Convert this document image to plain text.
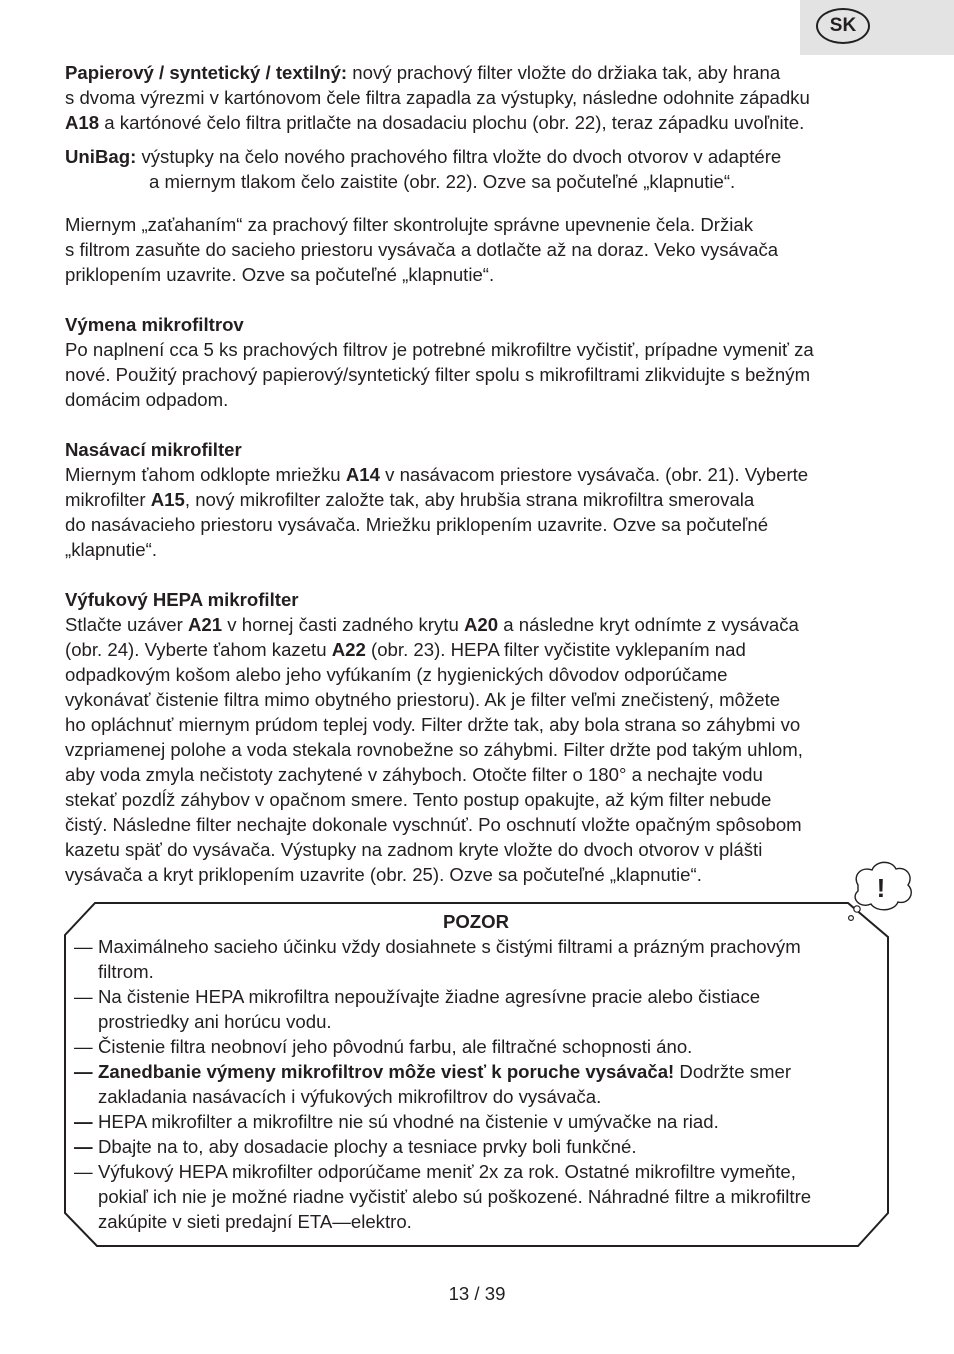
SK
Papierový / syntetický / textilný: nový prachový filter vložte do držiaka tak, aby hrana
s dvoma výrezmi v kartónovom čele filtra zapadla za výstupky, následne odohnite západku
A18 a kartónové čelo filtra pritlačte na dosadaciu plochu (obr. 22), teraz západku uvoľnite.
UniBag: výstupky na čelo nového prachového filtra vložte do dvoch otvorov v adaptére
a miernym tlakom čelo zaistite (obr. 22). Ozve sa počuteľné „klapnutie“.
Miernym „zaťahaním“ za prachový filter skontrolujte správne upevnenie čela. Držiak
s filtrom zasuňte do sacieho priestoru vysávača a dotlačte až na doraz. Veko vysávača
priklopením uzavrite. Ozve sa počuteľné „klapnutie“.
Výmena mikrofiltrov
Po naplnení cca 5 ks prachových filtrov je potrebné mikrofiltre vyčistiť, prípadne vymeniť za
nové. Použitý prachový papierový/syntetický filter spolu s mikrofiltrami zlikvidujte s bežným
domácim odpadom.
Nasávací mikrofilter
Miernym ťahom odklopte mriežku A14 v nasávacom priestore vysávača. (obr. 21). Vyberte
mikrofilter A15, nový mikrofilter založte tak, aby hrubšia strana mikrofiltra smerovala
do nasávacieho priestoru vysávača. Mriežku priklopením uzavrite. Ozve sa počuteľné
„klapnutie“.
Výfukový HEPA mikrofilter
Stlačte uzáver A21 v hornej časti zadného krytu A20 a následne kryt odnímte z vysávača
(obr. 24). Vyberte ťahom kazetu A22 (obr. 23). HEPA filter vyčistite vyklepaním nad
odpadkovým košom alebo jeho vyfúkaním (z hygienických dôvodov odporúčame
vykonávať čistenie filtra mimo obytného priestoru). Ak je filter veľmi znečistený, môžete
ho opláchnuť miernym prúdom teplej vody. Filter držte tak, aby bola strana so záhybmi vo
vzpriamenej polohe a voda stekala rovnobežne so záhybmi. Filter držte pod takým uhlom,
aby voda zmyla nečistoty zachytené v záhyboch. Otočte filter o 180° a nechajte vodu
stekať pozdĺž záhybov v opačnom smere. Tento postup opakujte, až kým filter nebude
čistý. Následne filter nechajte dokonale vyschnúť. Po oschnutí vložte opačným spôsobom
kazetu späť do vysávača. Výstupky na zadnom kryte vložte do dvoch otvorov v plášti
vysávača a kryt priklopením uzavrite (obr. 25). Ozve sa počuteľné „klapnutie“.	!
POZOR
— Maximálneho sacieho účinku vždy dosiahnete s čistými filtrami a prázným prachovým
filtrom.
— Na čistenie HEPA mikrofiltra nepoužívajte žiadne agresívne pracie alebo čistiace
prostriedky ani horúcu vodu.
— Čistenie filtra neobnoví jeho pôvodnú farbu, ale filtračné schopnosti áno.
— Zanedbanie výmeny mikrofiltrov môže viesť k poruche vysávača! Dodržte smer
zakladania nasávacích i výfukových mikrofiltrov do vysávača.
— HEPA mikrofilter a mikrofiltre nie sú vhodné na čistenie v umývačke na riad.
— Dbajte na to, aby dosadacie plochy a tesniace prvky boli funkčné.
— Výfukový HEPA mikrofilter odporúčame meniť 2x za rok. Ostatné mikrofiltre vymeňte,
pokiaľ ich nie je možné riadne vyčistiť alebo sú poškozené. Náhradné filtre a mikrofiltre
zakúpite v sieti predajní ETA—elektro.
13 / 39
